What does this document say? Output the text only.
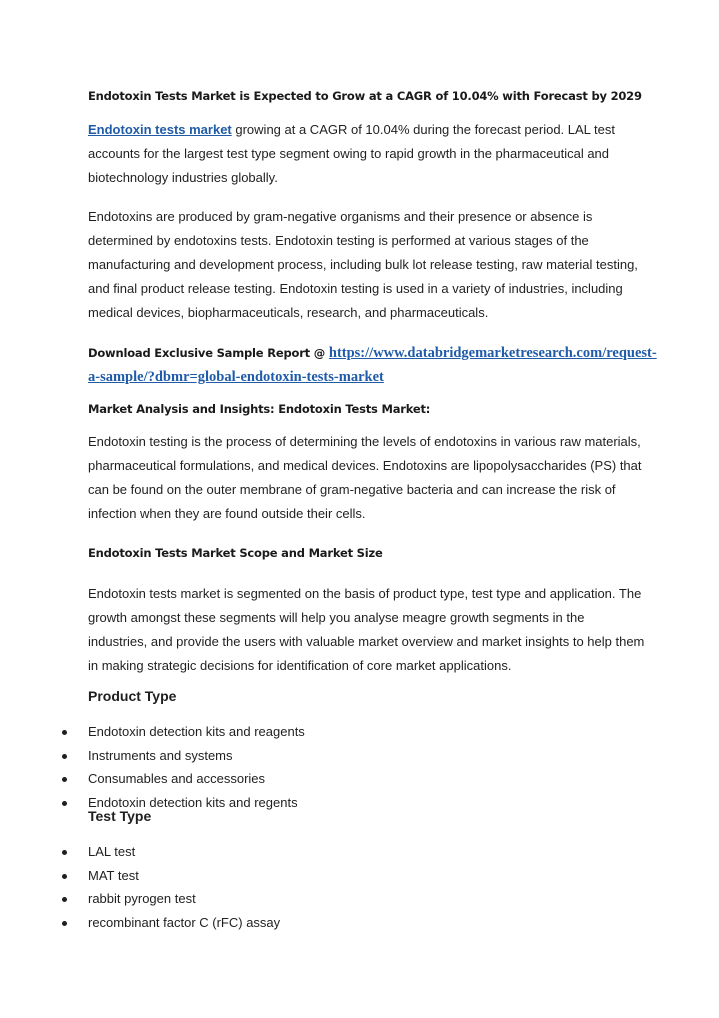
Endotoxin Tests Market is Expected to Grow at a CAGR of 10.04% with Forecast by 2029
Endotoxin tests market growing at a CAGR of 10.04% during the forecast period. LAL test
accounts for the largest test type segment owing to rapid growth in the pharmaceutical and
biotechnology industries globally.
Endotoxins are produced by gram-negative organisms and their presence or absence is
determined by endotoxins tests. Endotoxin testing is performed at various stages of the
manufacturing and development process, including bulk lot release testing, raw material testing,
and final product release testing. Endotoxin testing is used in a variety of industries, including
medical devices, biopharmaceuticals, research, and pharmaceuticals.
Download Exclusive Sample Report @ https://www.databridgemarketresearch.com/request-
a-sample/?dbmr=global-endotoxin-tests-market
Market Analysis and Insights: Endotoxin Tests Market:
Endotoxin testing is the process of determining the levels of endotoxins in various raw materials,
pharmaceutical formulations, and medical devices. Endotoxins are lipopolysaccharides (PS) that
can be found on the outer membrane of gram-negative bacteria and can increase the risk of
infection when they are found outside their cells.
Endotoxin Tests Market Scope and Market Size
Endotoxin tests market is segmented on the basis of product type, test type and application. The
growth amongst these segments will help you analyse meagre growth segments in the
industries, and provide the users with valuable market overview and market insights to help them
in making strategic decisions for identification of core market applications.
Product Type
Endotoxin detection kits and reagents
Instruments and systems
Consumables and accessories
Endotoxin detection kits and regents
Test Type
LAL test
MAT test
rabbit pyrogen test
recombinant factor C (rFC) assay
